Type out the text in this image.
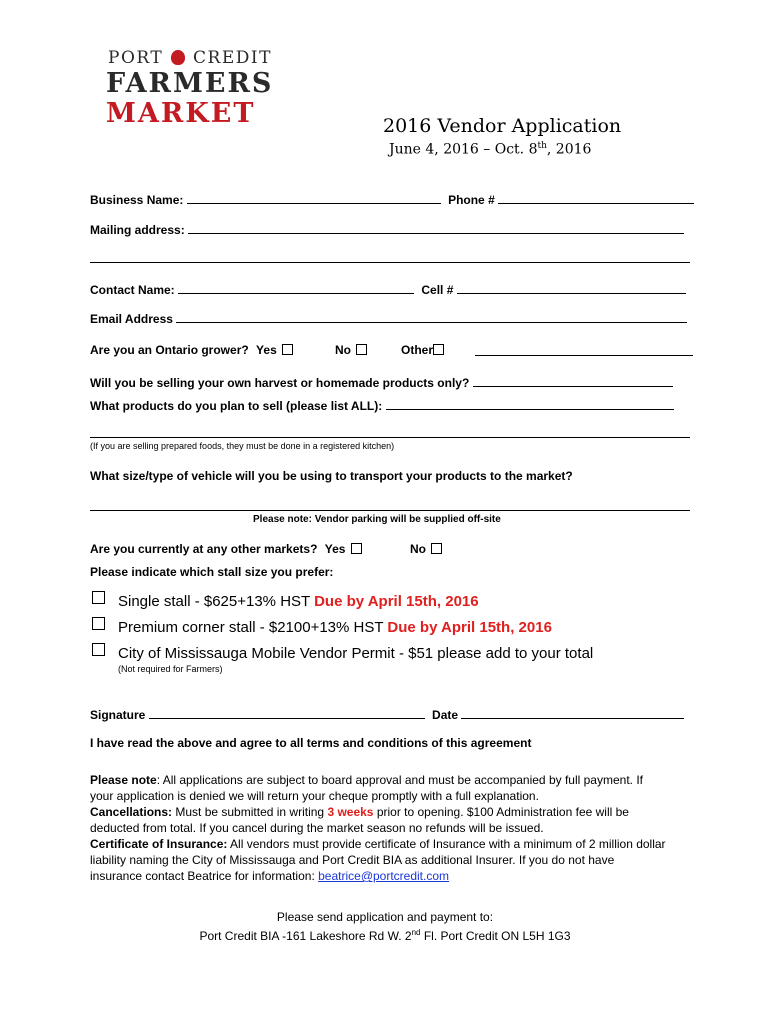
PORT CREDIT
FARMERS
MARKET	2016 Vendor Application
June 4, 2016 – Oct. 8th, 2016
Business Name:	Phone #
Mailing address:
Contact Name:	Cell #
Email Address
Are you an Ontario grower? Yes	No	Other
Will you be selling your own harvest or homemade products only?
What products do you plan to sell (please list ALL):
(If you are selling prepared foods, they must be done in a registered kitchen)
What size/type of vehicle will you be using to transport your products to the market?
Please note: Vendor parking will be supplied off-site
Are you currently at any other markets? Yes	No
Please indicate which stall size you prefer:
Single stall - $625+13% HST Due by April 15th, 2016
Premium corner stall - $2100+13% HST Due by April 15th, 2016
City of Mississauga Mobile Vendor Permit - $51 please add to your total
(Not required for Farmers)
Signature	Date
I have read the above and agree to all terms and conditions of this agreement
Please note: All applications are subject to board approval and must be accompanied by full payment. If
your application is denied we will return your cheque promptly with a full explanation.
Cancellations: Must be submitted in writing 3 weeks prior to opening. $100 Administration fee will be
deducted from total. If you cancel during the market season no refunds will be issued.
Certificate of Insurance: All vendors must provide certificate of Insurance with a minimum of 2 million dollar
liability naming the City of Mississauga and Port Credit BIA as additional Insurer. If you do not have
insurance contact Beatrice for information: beatrice@portcredit.com
Please send application and payment to:
Port Credit BIA -161 Lakeshore Rd W. 2nd Fl. Port Credit ON L5H 1G3
